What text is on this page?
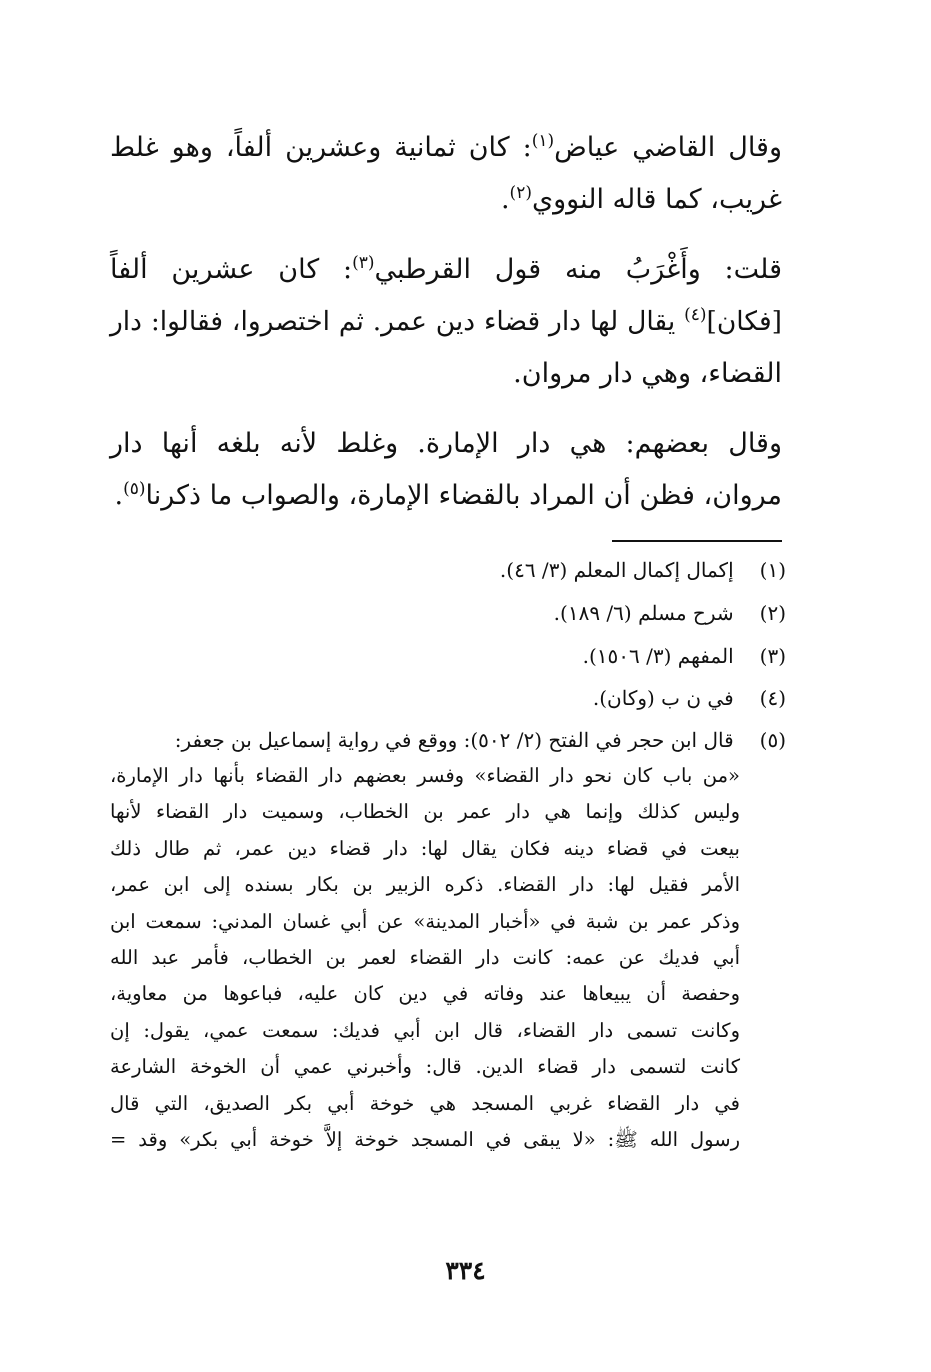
وقال القاضي عياض$^{(١)}$: كان ثمانية وعشرين ألفاً، وهو غلط
غريب، كما قاله النووي$^{(٢)}$.
قلت: وأَغْرَبُ منه قول القرطبي$^{(٣)}$: كان عشرين ألفاً
[فكان]$^{(٤)}$ يقال لها دار قضاء دين عمر. ثم اختصروا، فقالوا: دار
القضاء، وهي دار مروان.
وقال بعضهم: هي دار الإمارة. وغلط لأنه بلغه أنها دار
مروان، فظن أن المراد بالقضاء الإمارة، والصواب ما ذكرنا$^{(٥)}$.
(١) إكمال إكمال المعلم (٣/ ٤٦).
(٢) شرح مسلم (٦/ ١٨٩).
(٣) المفهم (٣/ ١٥٠٦).
(٤) في ن ب (وكان).
(٥) قال ابن حجر في الفتح (٢/ ٥٠٢): ووقع في رواية إسماعيل بن جعفر:
«من باب كان نحو دار القضاء» وفسر بعضهم دار القضاء بأنها دار الإمارة،
وليس كذلك وإنما هي دار عمر بن الخطاب، وسميت دار القضاء لأنها
بيعت في قضاء دينه فكان يقال لها: دار قضاء دين عمر، ثم طال ذلك
الأمر فقيل لها: دار القضاء. ذكره الزبير بن بكار بسنده إلى ابن عمر،
وذكر عمر بن شبة في «أخبار المدينة» عن أبي غسان المدني: سمعت ابن
أبي فديك عن عمه: كانت دار القضاء لعمر بن الخطاب، فأمر عبد الله
وحفصة أن يبيعاها عند وفاته في دين كان عليه، فباعوها من معاوية،
وكانت تسمى دار القضاء، قال ابن أبي فديك: سمعت عمي، يقول: إن
كانت لتسمى دار قضاء الدين. قال: وأخبرني عمي أن الخوخة الشارعة
في دار القضاء غربي المسجد هي خوخة أبي بكر الصديق، التي قال
رسول الله ﷺ: «لا يبقى في المسجد خوخة إلاَّ خوخة أبي بكر» وقد =
٣٣٤
